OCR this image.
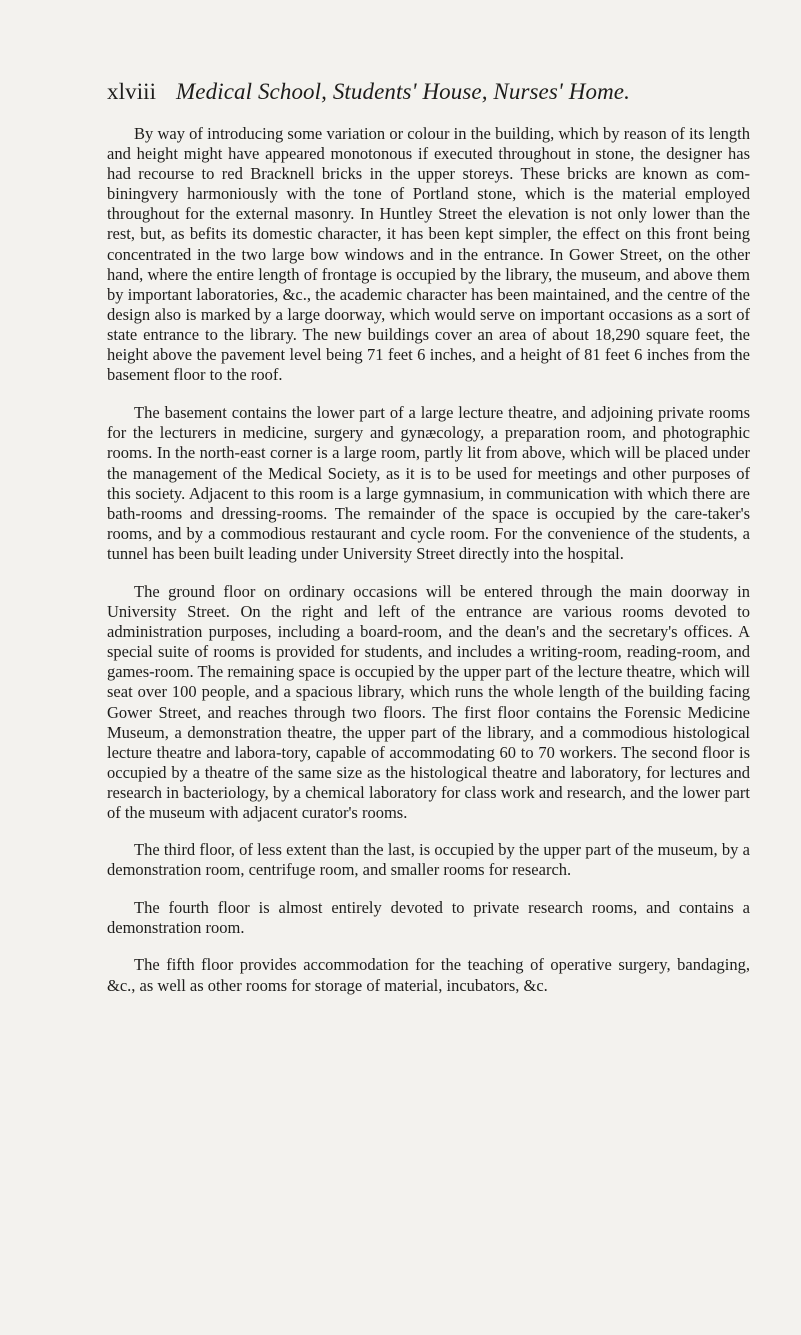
xlviii Medical School, Students' House, Nurses' Home.

By way of introducing some variation or colour in the building, which by reason of its length and height might have appeared monotonous if executed throughout in stone, the designer has had recourse to red Bracknell bricks in the upper storeys. These bricks are known as com-biningvery harmoniously with the tone of Portland stone, which is the material employed throughout for the external masonry. In Huntley Street the elevation is not only lower than the rest, but, as befits its domestic character, it has been kept simpler, the effect on this front being concentrated in the two large bow windows and in the entrance. In Gower Street, on the other hand, where the entire length of frontage is occupied by the library, the museum, and above them by important laboratories, &c., the academic character has been maintained, and the centre of the design also is marked by a large doorway, which would serve on important occasions as a sort of state entrance to the library. The new buildings cover an area of about 18,290 square feet, the height above the pavement level being 71 feet 6 inches, and a height of 81 feet 6 inches from the basement floor to the roof.

The basement contains the lower part of a large lecture theatre, and adjoining private rooms for the lecturers in medicine, surgery and gynæcology, a preparation room, and photographic rooms. In the north-east corner is a large room, partly lit from above, which will be placed under the management of the Medical Society, as it is to be used for meetings and other purposes of this society. Adjacent to this room is a large gymnasium, in communication with which there are bath-rooms and dressing-rooms. The remainder of the space is occupied by the care-taker's rooms, and by a commodious restaurant and cycle room. For the convenience of the students, a tunnel has been built leading under University Street directly into the hospital.

The ground floor on ordinary occasions will be entered through the main doorway in University Street. On the right and left of the entrance are various rooms devoted to administration purposes, including a board-room, and the dean's and the secretary's offices. A special suite of rooms is provided for students, and includes a writing-room, reading-room, and games-room. The remaining space is occupied by the upper part of the lecture theatre, which will seat over 100 people, and a spacious library, which runs the whole length of the building facing Gower Street, and reaches through two floors. The first floor contains the Forensic Medicine Museum, a demonstration theatre, the upper part of the library, and a commodious histological lecture theatre and labora-tory, capable of accommodating 60 to 70 workers. The second floor is occupied by a theatre of the same size as the histological theatre and laboratory, for lectures and research in bacteriology, by a chemical laboratory for class work and research, and the lower part of the museum with adjacent curator's rooms.

The third floor, of less extent than the last, is occupied by the upper part of the museum, by a demonstration room, centrifuge room, and smaller rooms for research.

The fourth floor is almost entirely devoted to private research rooms, and contains a demonstration room.

The fifth floor provides accommodation for the teaching of operative surgery, bandaging, &c., as well as other rooms for storage of material, incubators, &c.
